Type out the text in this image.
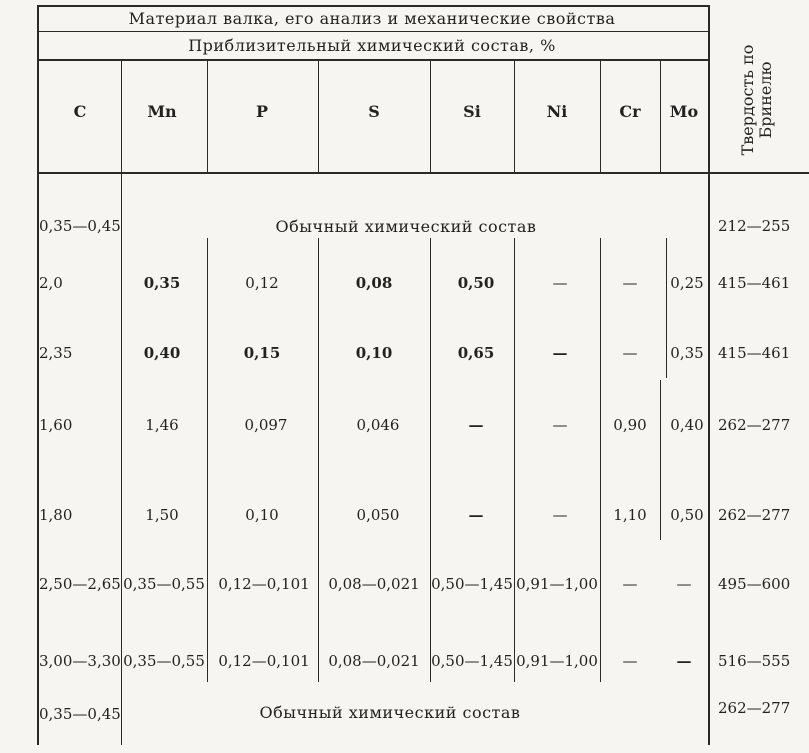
Материал валка, его анализ и механические свойства
Приблизительный химический состав, %	Твердость по
Бринелю
C	Mn	P	S	Si	Ni	Cr Mo
0,35—0,45	Обычный химический состав	212—255
2,0	0,35	0,12	0,08	0,50	—	— 0,25 415—461
2,35	0,40	0,15	0,10	0,65	—	— 0,35 415—461
1,60	1,46	0,097	0,046	—	—	0,90 0,40 262—277
1,80	1,50	0,10	0,050	—	—	1,10 0,50 262—277
2,50—2,65 0,35—0,55 0,12—0,101 0,08—0,021 0,50—1,45 0,91—1,00 —	— 495—600
3,00—3,30 0,35—0,55 0,12—0,101 0,08—0,021 0,50—1,45 0,91—1,00 —	— 516—555
0,35—0,45	Обычный химический состав	262—277
